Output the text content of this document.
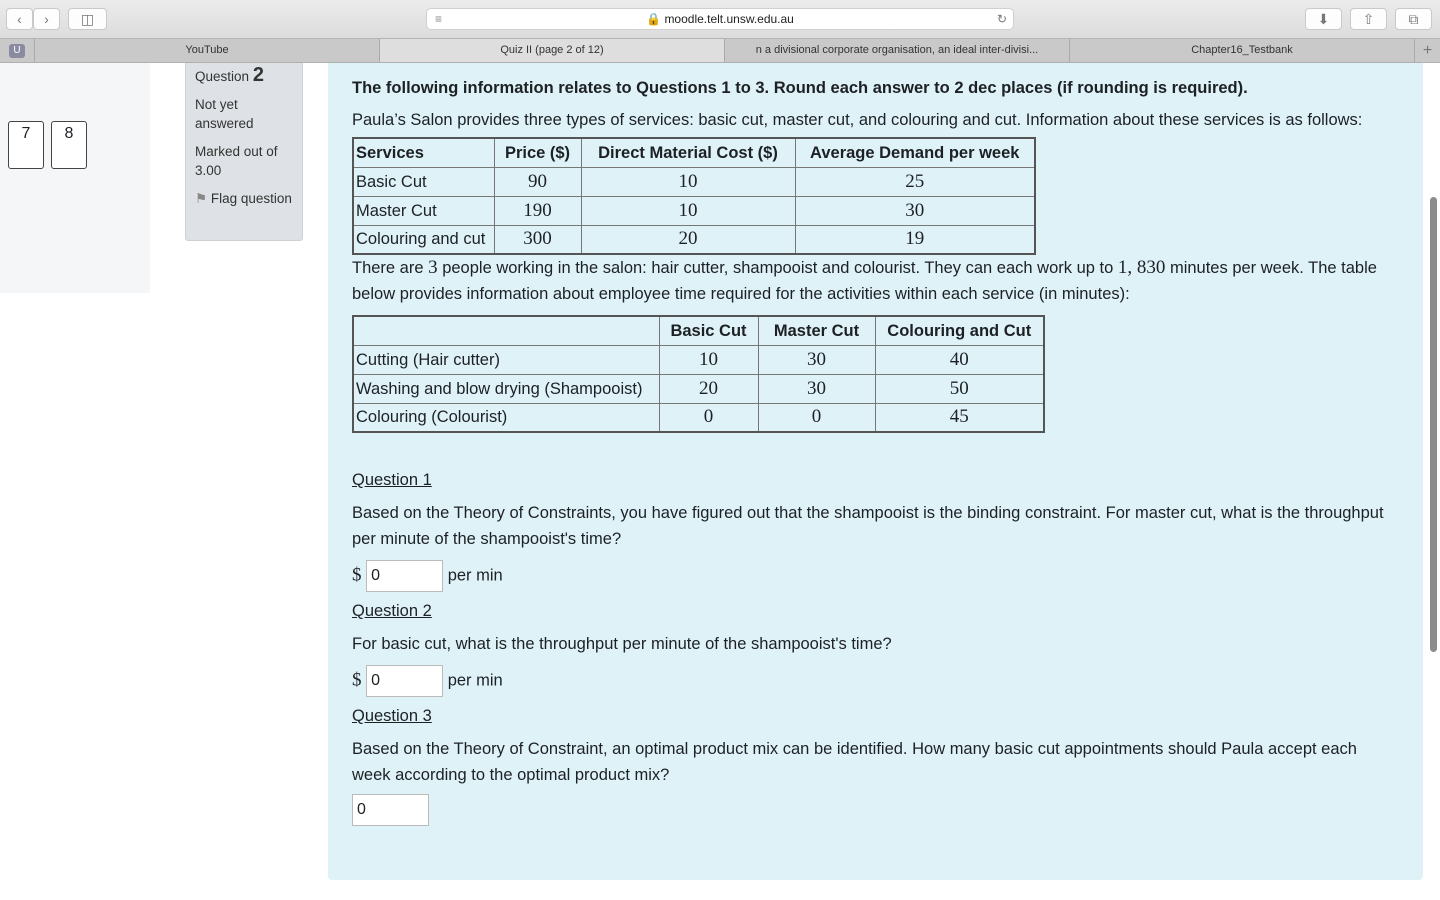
‹	›	◫	≡	🔒 moodle.telt.unsw.edu.au	↻	⬇	⇧	⧉
U	YouTube	Quiz II (page 2 of 12)	n a divisional corporate organisation, an ideal inter-divisi...	Chapter16_Testbank	+
7	8

Question 2

Not yet answered

Marked out of 3.00

⚑ Flag question

The following information relates to Questions 1 to 3. Round each answer to 2 dec places (if rounding is required).

Paula’s Salon provides three types of services: basic cut, master cut, and colouring and cut. Information about these services is as follows:

Services	Price ($)	Direct Material Cost ($)	Average Demand per week
Basic Cut	90	10	25
Master Cut	190	10	30
Colouring and cut	300	20	19

There are 3 people working in the salon: hair cutter, shampooist and colourist. They can each work up to 1, 830 minutes per week. The table below provides information about employee time required for the activities within each service (in minutes):

	Basic Cut	Master Cut	Colouring and Cut
Cutting (Hair cutter)	10	30	40
Washing and blow drying (Shampooist)	20	30	50
Colouring (Colourist)	0	0	45

Question 1

Based on the Theory of Constraints, you have figured out that the shampooist is the binding constraint. For master cut, what is the throughput per minute of the shampooist's time?

$ 0	per min

Question 2

For basic cut, what is the throughput per minute of the shampooist's time?

$ 0	per min

Question 3

Based on the Theory of Constraint, an optimal product mix can be identified. How many basic cut appointments should Paula accept each week according to the optimal product mix?

0
